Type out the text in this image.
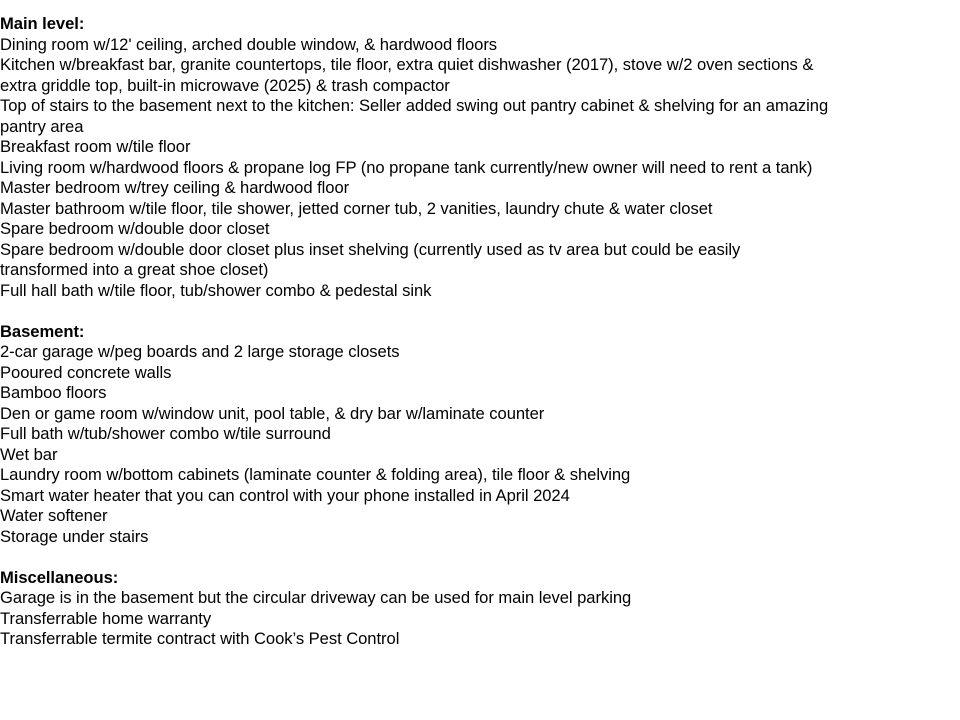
Main level:
Dining room w/12' ceiling, arched double window, & hardwood floors
Kitchen w/breakfast bar, granite countertops, tile floor, extra quiet dishwasher (2017), stove w/2 oven sections & extra griddle top, built-in microwave (2025) & trash compactor
Top of stairs to the basement next to the kitchen: Seller added swing out pantry cabinet & shelving for an amazing pantry area
Breakfast room w/tile floor
Living room w/hardwood floors & propane log FP (no propane tank currently/new owner will need to rent a tank)
Master bedroom w/trey ceiling & hardwood floor
Master bathroom w/tile floor, tile shower, jetted corner tub, 2 vanities, laundry chute & water closet
Spare bedroom w/double door closet
Spare bedroom w/double door closet plus inset shelving (currently used as tv area but could be easily transformed into a great shoe closet)
Full hall bath w/tile floor, tub/shower combo & pedestal sink
Basement:
2-car garage w/peg boards and 2 large storage closets
Pooured concrete walls
Bamboo floors
Den or game room w/window unit, pool table, & dry bar w/laminate counter
Full bath w/tub/shower combo w/tile surround
Wet bar
Laundry room w/bottom cabinets (laminate counter & folding area), tile floor & shelving
Smart water heater that you can control with your phone installed in April 2024
Water softener
Storage under stairs
Miscellaneous:
Garage is in the basement but the circular driveway can be used for main level parking
Transferrable home warranty
Transferrable termite contract with Cook’s Pest Control
